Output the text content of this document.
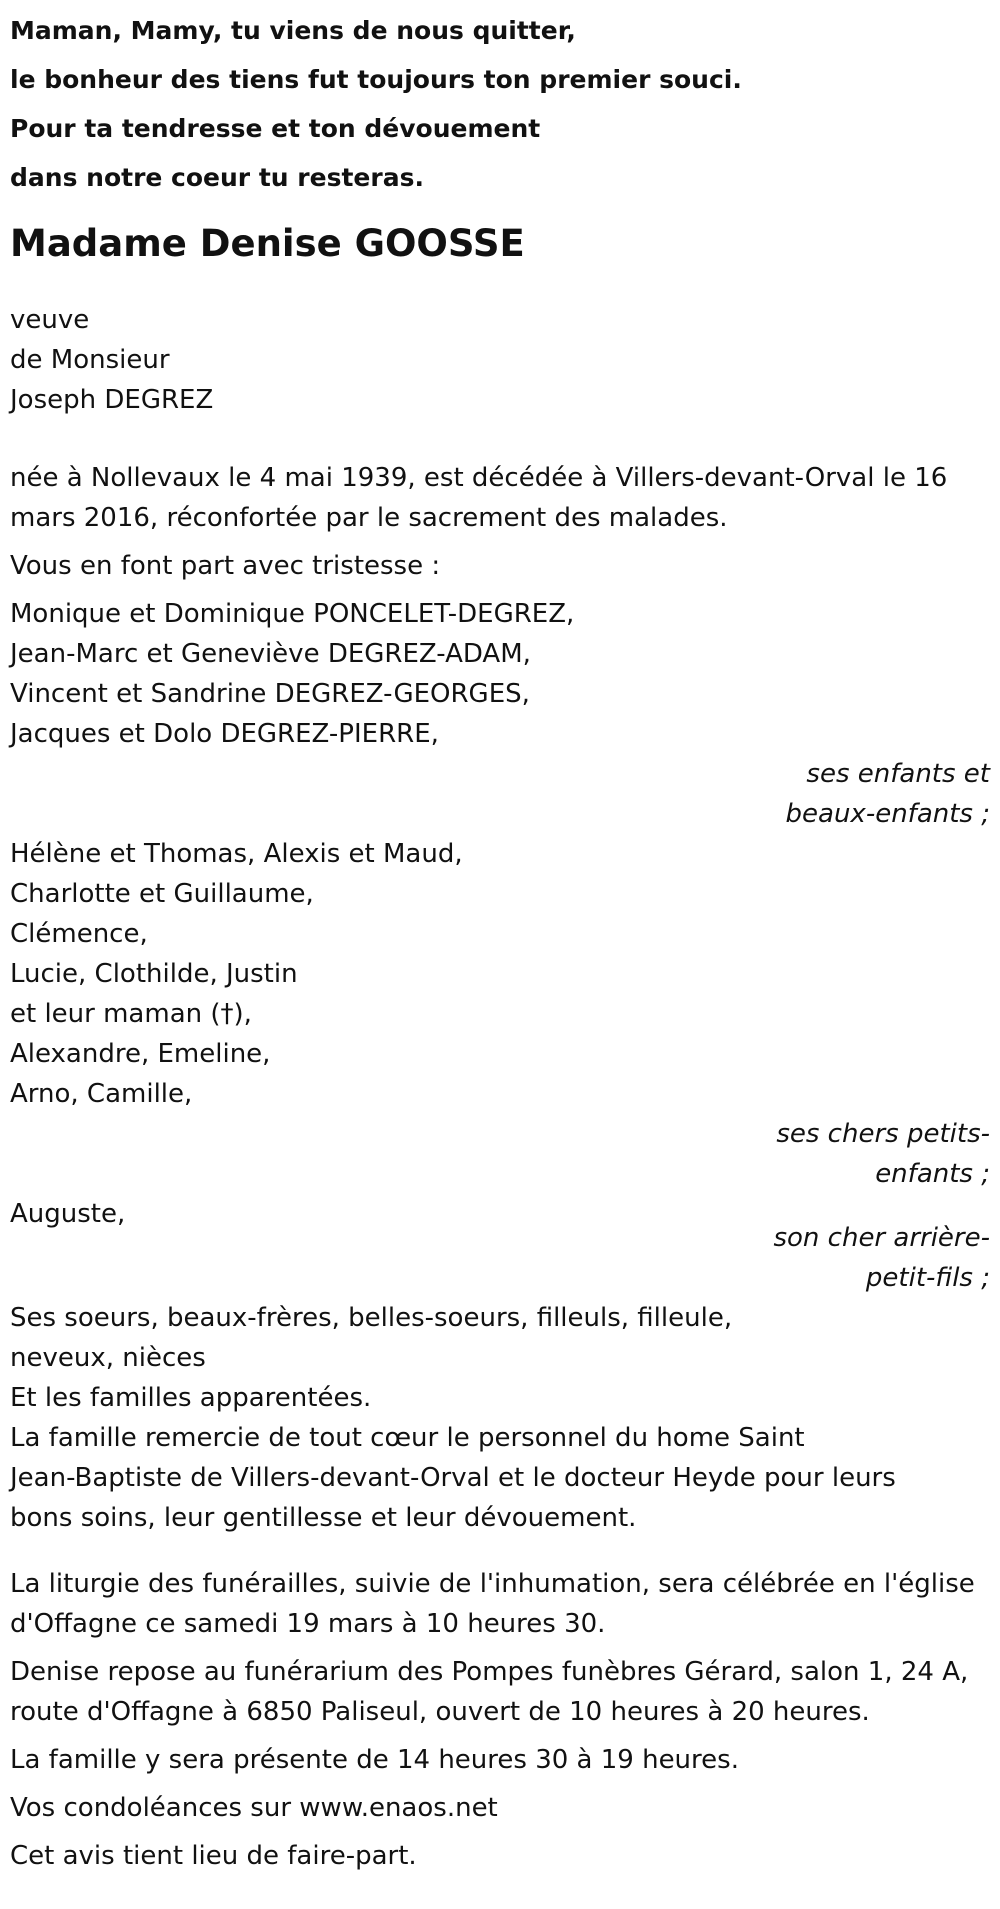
Maman, Mamy, tu viens de nous quitter,
le bonheur des tiens fut toujours ton premier souci.
Pour ta tendresse et ton dévouement
dans notre coeur tu resteras.
Madame Denise GOOSSE
veuve
de Monsieur
Joseph DEGREZ
née à Nollevaux le 4 mai 1939, est décédée à Villers-devant-Orval le 16
mars 2016, réconfortée par le sacrement des malades.
Vous en font part avec tristesse :
Monique et Dominique PONCELET-DEGREZ,
Jean-Marc et Geneviève DEGREZ-ADAM,
Vincent et Sandrine DEGREZ-GEORGES,
Jacques et Dolo DEGREZ-PIERRE,
ses enfants et
beaux-enfants ;
Hélène et Thomas, Alexis et Maud,
Charlotte et Guillaume,
Clémence,
Lucie, Clothilde, Justin
et leur maman (†),
Alexandre, Emeline,
Arno, Camille,
ses chers petits-
enfants ;
Auguste,
son cher arrière-
petit-fils ;
Ses soeurs, beaux-frères, belles-soeurs, filleuls, filleule,
neveux, nièces
Et les familles apparentées.
La famille remercie de tout cœur le personnel du home Saint
Jean-Baptiste de Villers-devant-Orval et le docteur Heyde pour leurs
bons soins, leur gentillesse et leur dévouement.
La liturgie des funérailles, suivie de l'inhumation, sera célébrée en l'église
d'Offagne ce samedi 19 mars à 10 heures 30.
Denise repose au funérarium des Pompes funèbres Gérard, salon 1, 24 A,
route d'Offagne à 6850 Paliseul, ouvert de 10 heures à 20 heures.
La famille y sera présente de 14 heures 30 à 19 heures.
Vos condoléances sur www.enaos.net
Cet avis tient lieu de faire-part.
